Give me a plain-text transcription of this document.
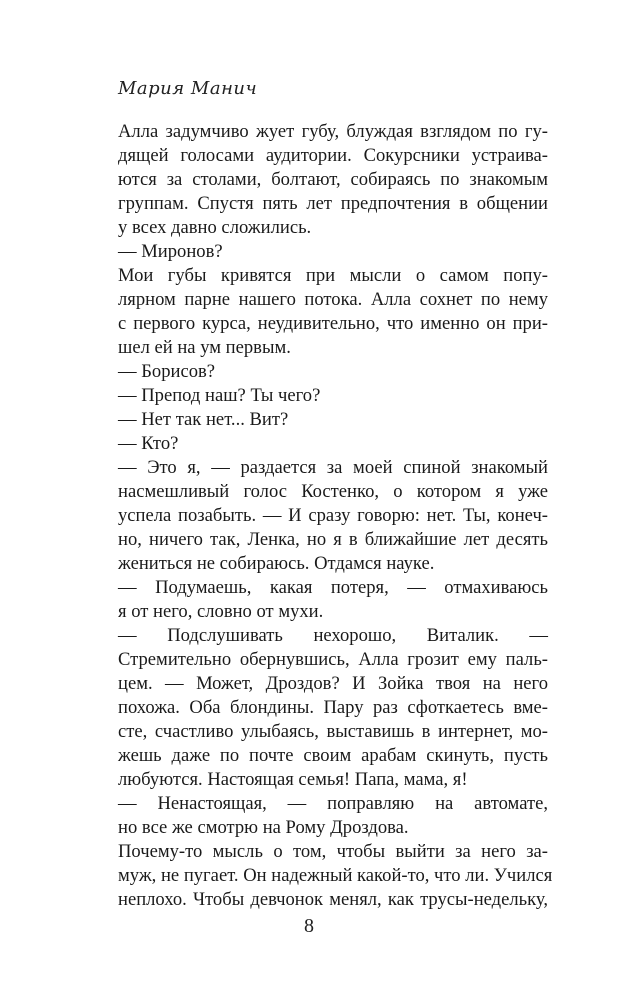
Мария Манич
Алла задумчиво жует губу, блуждая взглядом по гу-
дящей голосами аудитории. Сокурсники устраива-
ются за столами, болтают, собираясь по знакомым
группам. Спустя пять лет предпочтения в общении
у всех давно сложились.
— Миронов?
Мои губы кривятся при мысли о самом попу-
лярном парне нашего потока. Алла сохнет по нему
с первого курса, неудивительно, что именно он при-
шел ей на ум первым.
— Борисов?
— Препод наш? Ты чего?
— Нет так нет... Вит?
— Кто?
— Это я, — раздается за моей спиной знакомый
насмешливый голос Костенко, о котором я уже
успела позабыть. — И сразу говорю: нет. Ты, конеч-
но, ничего так, Ленка, но я в ближайшие лет десять
жениться не собираюсь. Отдамся науке.
— Подумаешь, какая потеря, — отмахиваюсь
я от него, словно от мухи.
— Подслушивать нехорошо, Виталик. —
Стремительно обернувшись, Алла грозит ему паль-
цем. — Может, Дроздов? И Зойка твоя на него
похожа. Оба блондины. Пару раз сфоткаетесь вме-
сте, счастливо улыбаясь, выставишь в интернет, мо-
жешь даже по почте своим арабам скинуть, пусть
любуются. Настоящая семья! Папа, мама, я!
— Ненастоящая, — поправляю на автомате,
но все же смотрю на Рому Дроздова.
Почему-то мысль о том, чтобы выйти за него за-
муж, не пугает. Он надежный какой-то, что ли. Учился
неплохо. Чтобы девчонок менял, как трусы-недельку,
8
